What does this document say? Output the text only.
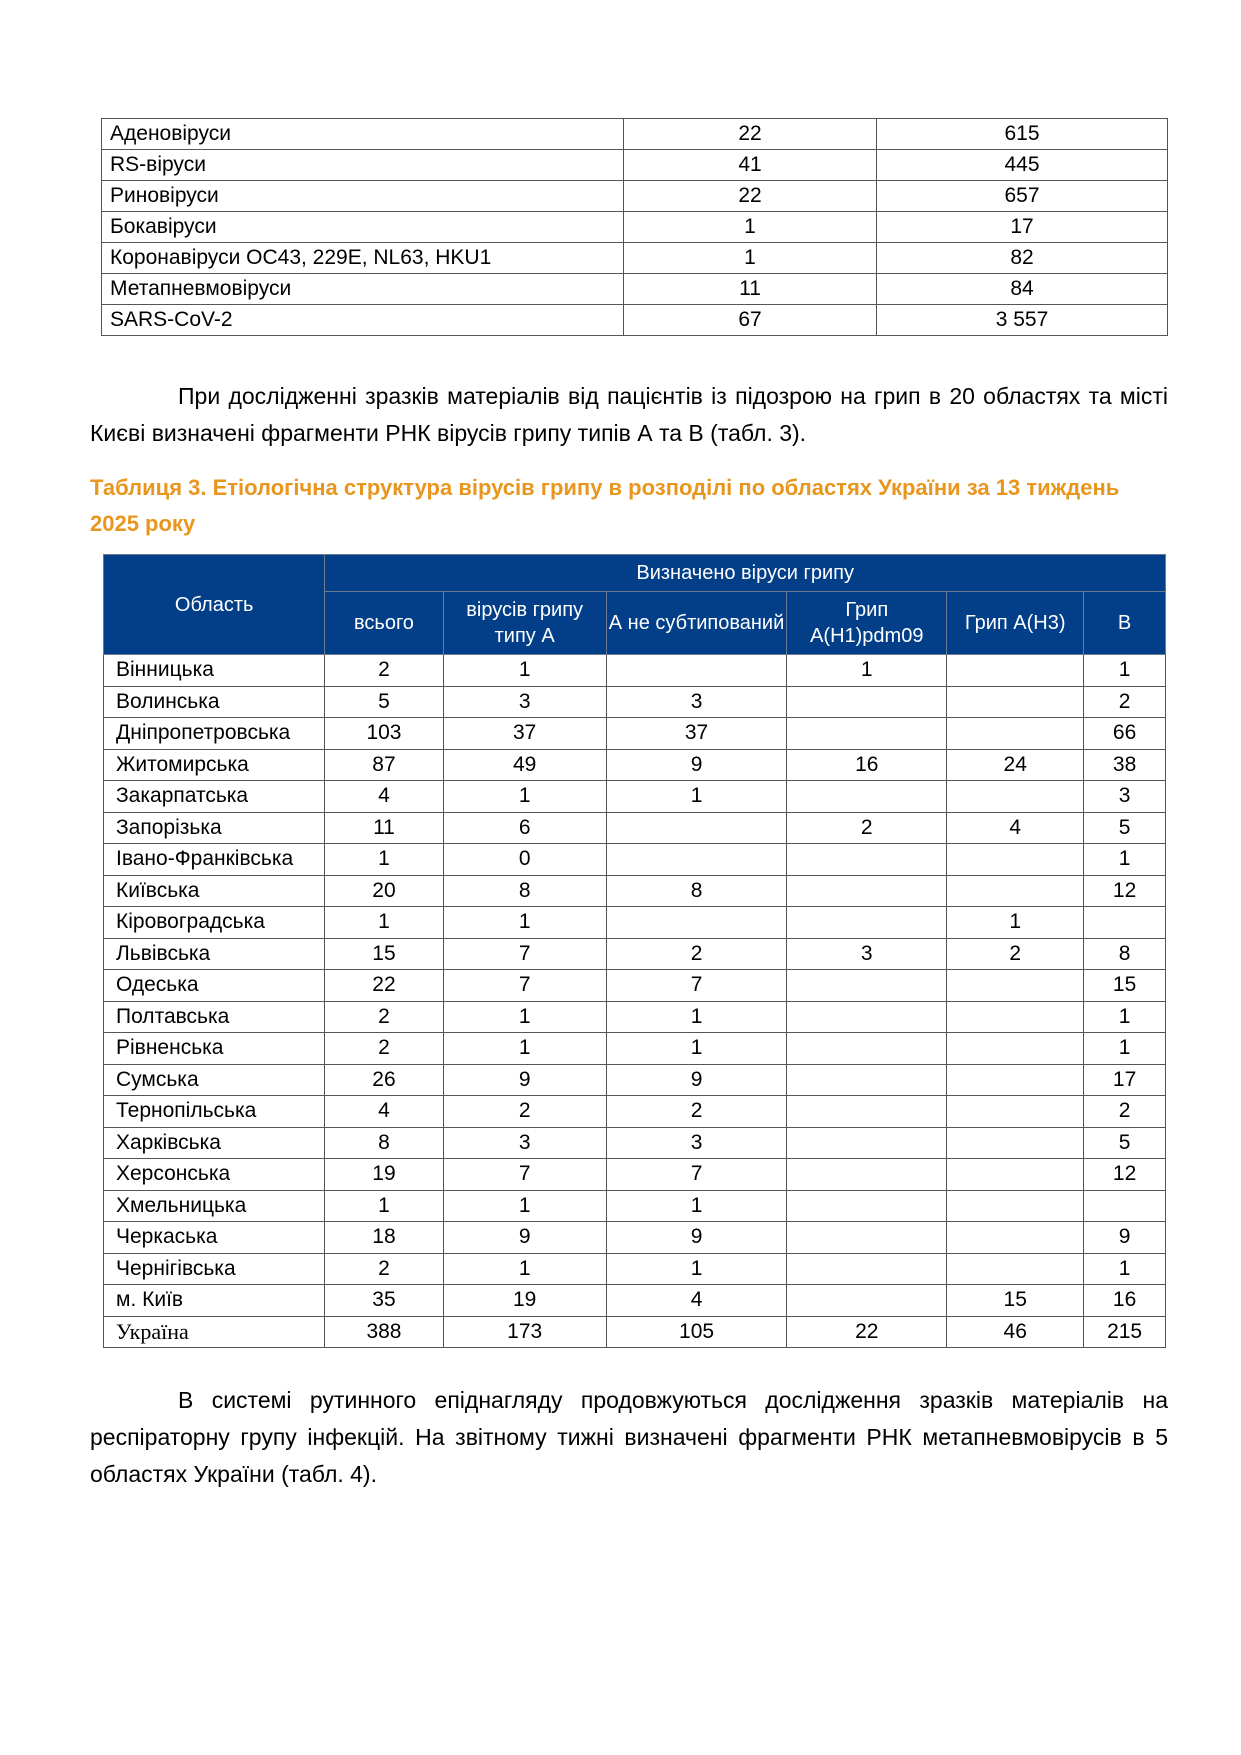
Аденовіруси	22	615
RS-віруси	41	445
Риновіруси	22	657
Бокавіруси	1	17
Коронавіруси OC43, 229E, NL63, HKU1	1	82
Метапневмовіруси	11	84
SARS-CoV-2	67	3 557
При дослідженні зразків матеріалів від пацієнтів із підозрою на грип в 20 областях та місті Києві визначені фрагменти РНК вірусів грипу типів А та В (табл. 3).
Таблиця 3. Етіологічна структура вірусів грипу в розподілі по областях України за 13 тиждень 2025 року
Область	Визначено віруси грипу					
	всього	вірусів грипу типу А	А не субтипований	Грип A(H1)pdm09	Грип A(H3)	B
Вінницька	2	1		1		1
Волинська	5	3	3			2
Дніпропетровська	103	37	37			66
Житомирська	87	49	9	16	24	38
Закарпатська	4	1	1			3
Запорізька	11	6		2	4	5
Івано-Франківська	1	0				1
Київська	20	8	8			12
Кіровоградська	1	1			1	
Львівська	15	7	2	3	2	8
Одеська	22	7	7			15
Полтавська	2	1	1			1
Рівненська	2	1	1			1
Сумська	26	9	9			17
Тернопільська	4	2	2			2
Харківська	8	3	3			5
Херсонська	19	7	7			12
Хмельницька	1	1	1			
Черкаська	18	9	9			9
Чернігівська	2	1	1			1
м. Київ	35	19	4		15	16
Україна	388	173	105	22	46	215
В системі рутинного епіднагляду продовжуються дослідження зразків матеріалів на респіраторну групу інфекцій. На звітному тижні визначені фрагменти РНК метапневмовірусів в 5 областях України (табл. 4).
